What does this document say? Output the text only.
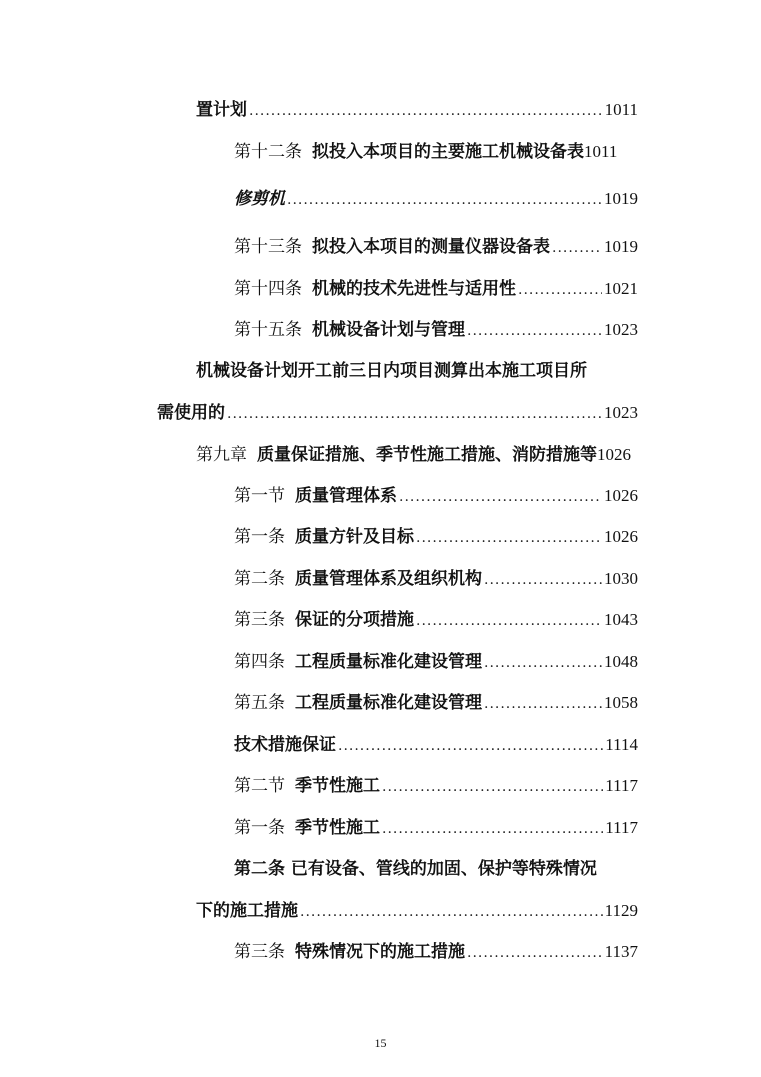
置计划 .....	1011
第十二条 拟投入本项目的主要施工机械设备表 1011
修剪机 .....	1019
第十三条 拟投入本项目的测量仪器设备表 .....	1019
第十四条 机械的技术先进性与适用性 .....	1021
第十五条 机械设备计划与管理 .....	1023
机械设备计划开工前三日内项目测算出本施工项目所
需使用的 .....	1023
第九章 质量保证措施、季节性施工措施、消防措施等 1026
第一节 质量管理体系 .....	1026
第一条 质量方针及目标 .....	1026
第二条 质量管理体系及组织机构 .....	1030
第三条 保证的分项措施 .....	1043
第四条 工程质量标准化建设管理 .....	1048
第五条 工程质量标准化建设管理 .....	1058
技术措施保证 .....	1114
第二节 季节性施工 .....	1117
第一条 季节性施工 .....	1117
第二条 已有设备、管线的加固、保护等特殊情况
下的施工措施 .....	1129
第三条 特殊情况下的施工措施 .....	1137
15
